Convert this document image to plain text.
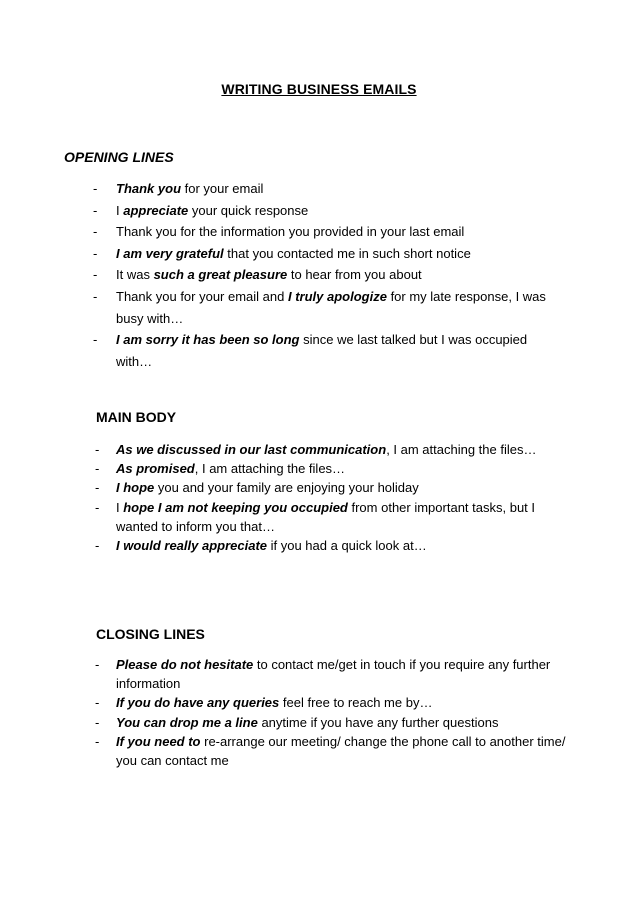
WRITING BUSINESS EMAILS
OPENING LINES
- Thank you for your email
- I appreciate your quick response
- Thank you for the information you provided in your last email
- I am very grateful that you contacted me in such short notice
- It was such a great pleasure to hear from you about
- Thank you for your email and I truly apologize for my late response, I was busy with…
- I am sorry it has been so long since we last talked but I was occupied with…
MAIN BODY
- As we discussed in our last communication, I am attaching the files…
- As promised, I am attaching the files…
- I hope you and your family are enjoying your holiday
- I hope I am not keeping you occupied from other important tasks, but I wanted to inform you that…
- I would really appreciate if you had a quick look at…
CLOSING LINES
- Please do not hesitate to contact me/get in touch if you require any further information
- If you do have any queries feel free to reach me by…
- You can drop me a line anytime if you have any further questions
- If you need to re-arrange our meeting/ change the phone call to another time/ you can contact me
